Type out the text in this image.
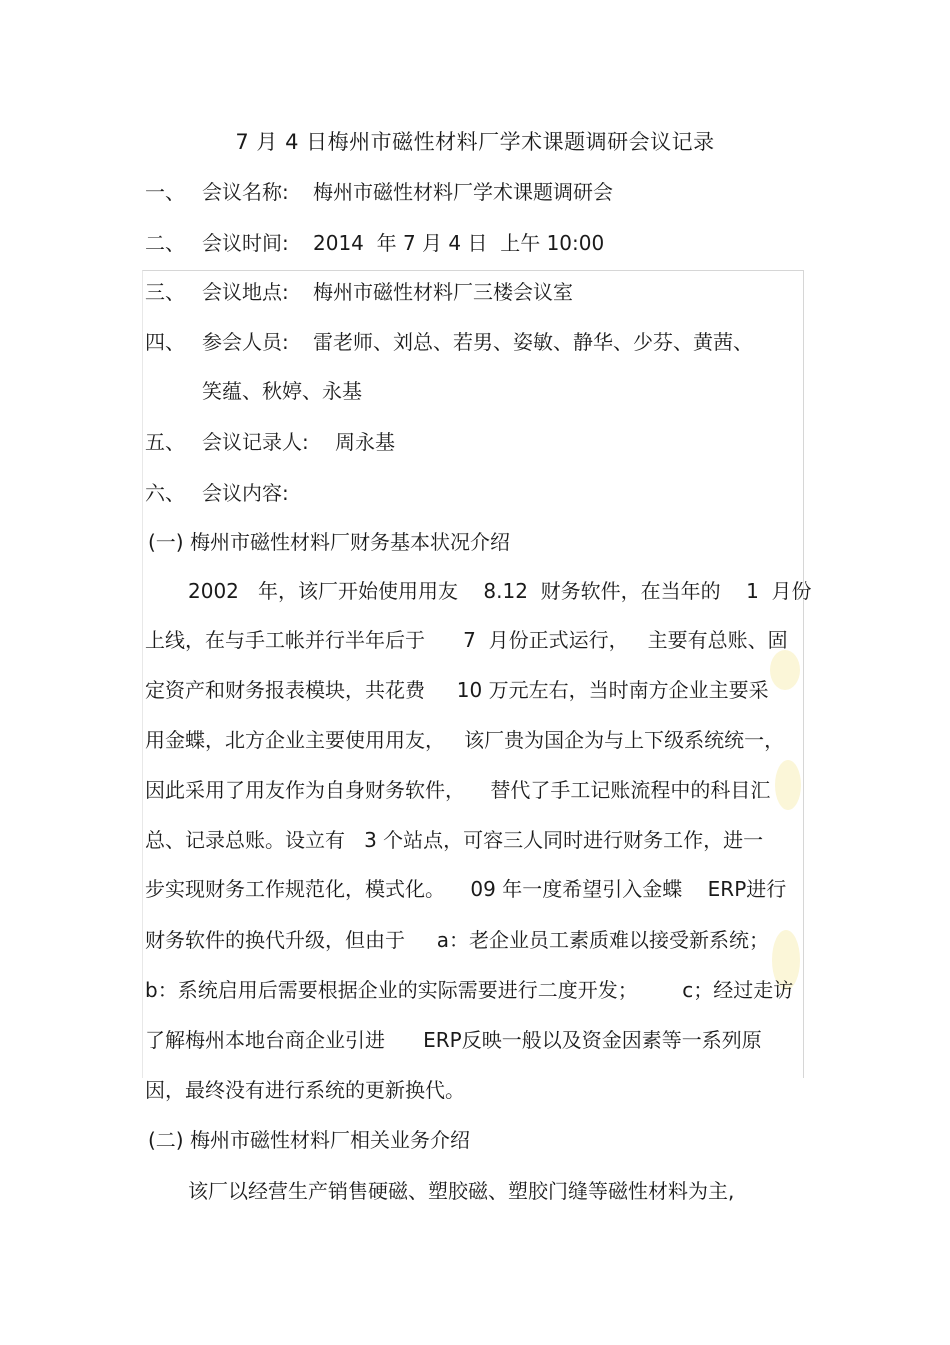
7 月 4 日梅州市磁性材料厂学术课题调研会议记录
一、 会议名称: 梅州市磁性材料厂学术课题调研会
二、 会议时间: 2014  年 7 月 4 日  上午 10:00
三、 会议地点: 梅州市磁性材料厂三楼会议室
四、 参会人员: 雷老师、刘总、若男、姿敏、静华、少芬、黄茜、
笑蕴、秋婷、永基
五、 会议记录人: 周永基
六、 会议内容:
(一) 梅州市磁性材料厂财务基本状况介绍
2002   年，该厂开始使用用友    8.12  财务软件，在当年的    1  月份
上线，在与手工帐并行半年后于      7  月份正式运行，   主要有总账、固
定资产和财务报表模块，共花费     10 万元左右，当时南方企业主要采
用金蝶，北方企业主要使用用友，   该厂贵为国企为与上下级系统统一，
因此采用了用友作为自身财务软件，    替代了手工记账流程中的科目汇
总、记录总账。设立有   3 个站点，可容三人同时进行财务工作，进一
步实现财务工作规范化，模式化。    09 年一度希望引入金蝶    ERP进行
财务软件的换代升级，但由于     a：老企业员工素质难以接受新系统；
b：系统启用后需要根据企业的实际需要进行二度开发；       c；经过走访
了解梅州本地台商企业引进      ERP反映一般以及资金因素等一系列原
因，最终没有进行系统的更新换代。
(二) 梅州市磁性材料厂相关业务介绍
该厂以经营生产销售硬磁、塑胶磁、塑胶门缝等磁性材料为主,
